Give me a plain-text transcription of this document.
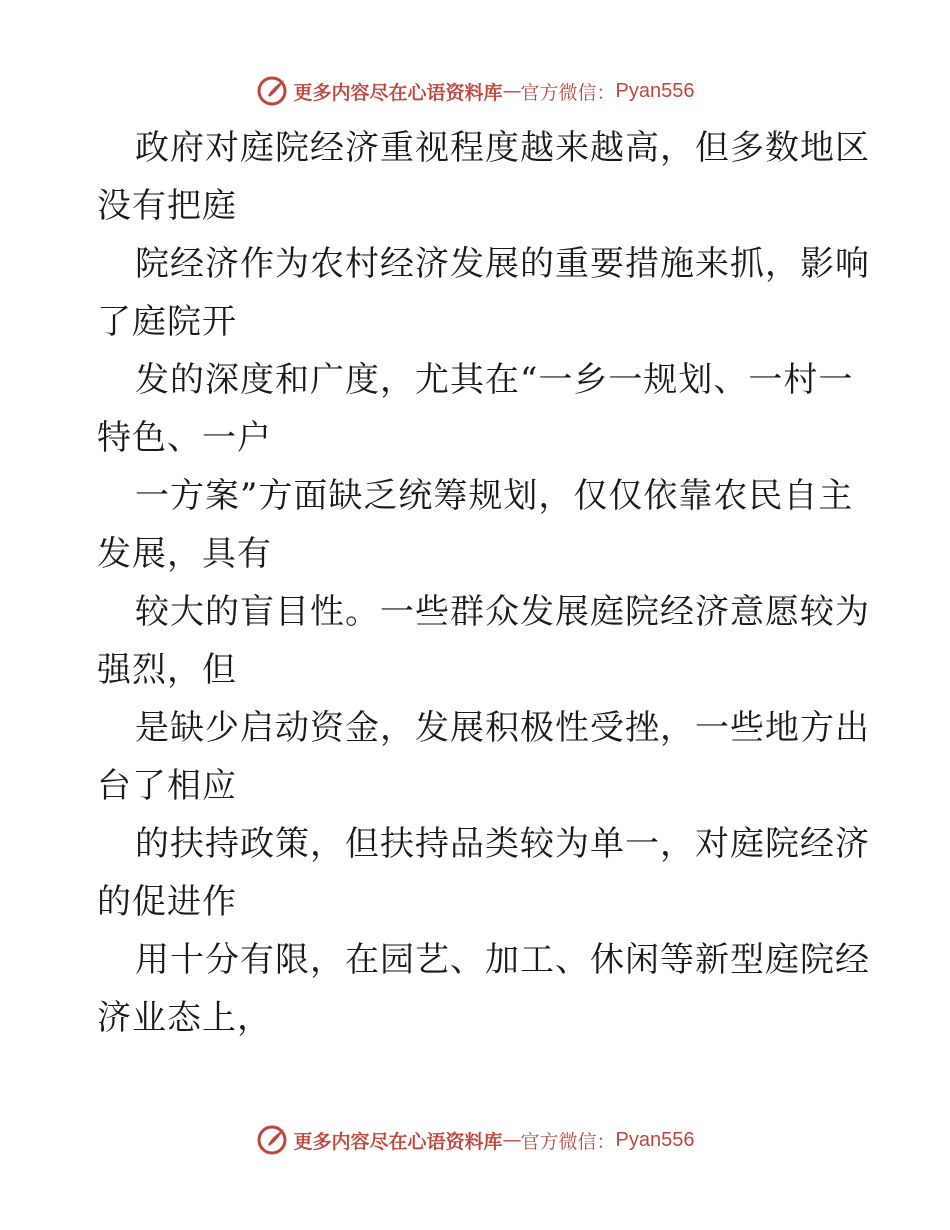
更多内容尽在心语资料库 — 官方微信： Pyan556
政府对庭院经济重视程度越来越高，但多数地区
没有把庭
院经济作为农村经济发展的重要措施来抓，影响
了庭院开
发的深度和广度，尤其在“一乡一规划、一村一
特色、一户
一方案”方面缺乏统筹规划，仅仅依靠农民自主
发展，具有
较大的盲目性。一些群众发展庭院经济意愿较为
强烈，但
是缺少启动资金，发展积极性受挫，一些地方出
台了相应
的扶持政策，但扶持品类较为单一，对庭院经济
的促进作
用十分有限，在园艺、加工、休闲等新型庭院经
济业态上，
更多内容尽在心语资料库 — 官方微信： Pyan556
